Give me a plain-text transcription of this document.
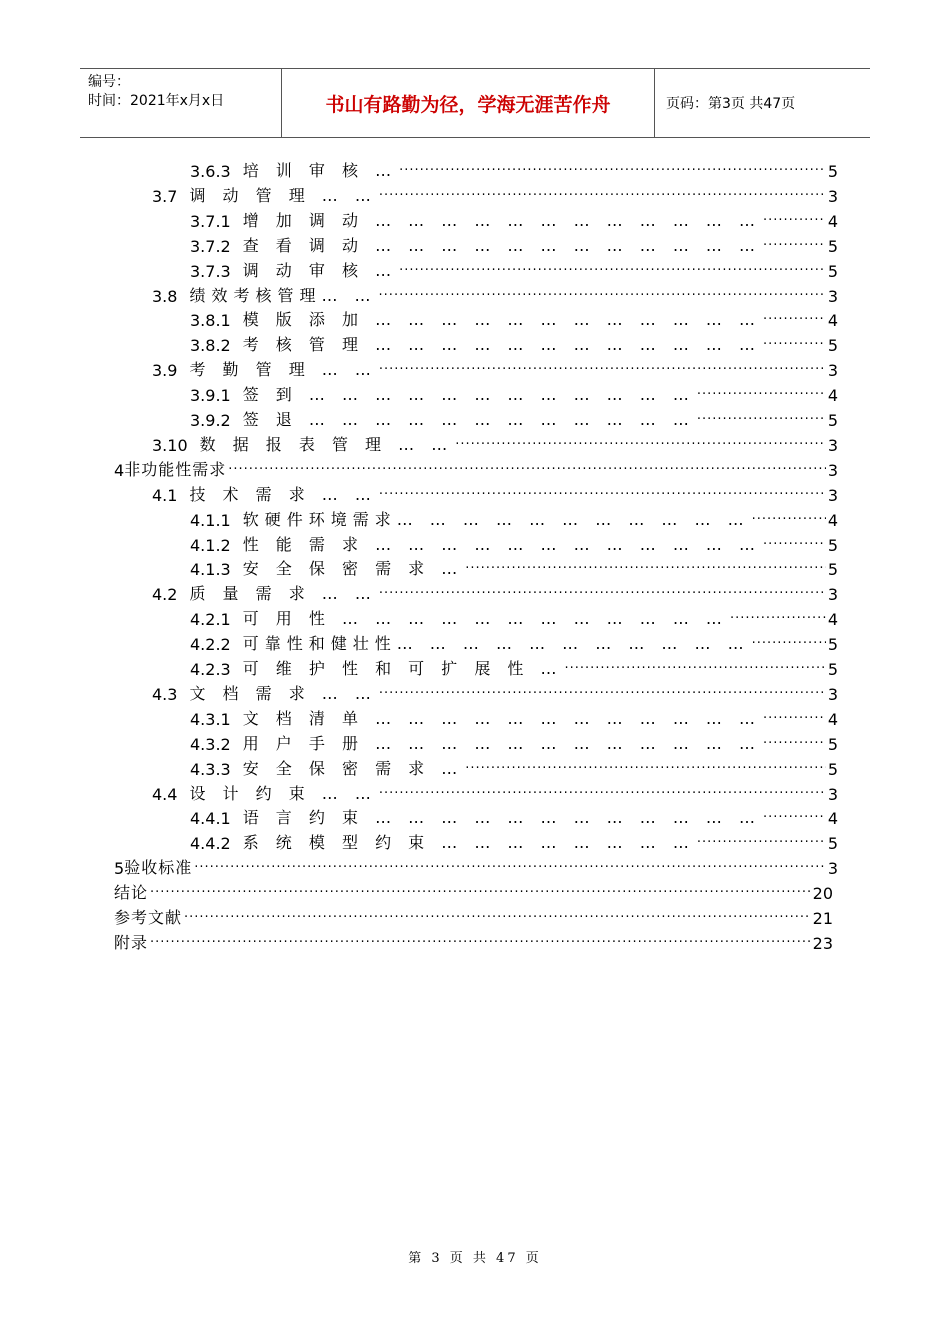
编号：
时间：2021年x月x日	书山有路勤为径，学海无涯苦作舟	页码：第3页 共47页
3.6.3 培 训 审 核 … ·····	5
3.7 调 动 管 理 … … ·····	3
3.7.1 增 加 调 动 … … … … … … … … … … … … ·····	4
3.7.2 查 看 调 动 … … … … … … … … … … … … ·····	5
3.7.3 调 动 审 核 … ·····	5
3.8 绩效考核管理… … ·····	3
3.8.1 模 版 添 加 … … … … … … … … … … … … ·····	4
3.8.2 考 核 管 理 … … … … … … … … … … … … ·····	5
3.9 考 勤 管 理 … … ·····	3
3.9.1 签 到 … … … … … … … … … … … … ·····	4
3.9.2 签 退 … … … … … … … … … … … … ·····	5
3.10 数 据 报 表 管 理 … … ·····	3
4 非功能性需求 ·····	3
4.1 技 术 需 求 … … ·····	3
4.1.1 软硬件环境需求… … … … … … … … … … … ·····	4
4.1.2 性 能 需 求 … … … … … … … … … … … … ·····	5
4.1.3 安 全 保 密 需 求 … ·····	5
4.2 质 量 需 求 … … ·····	3
4.2.1 可 用 性 … … … … … … … … … … … … ·····	4
4.2.2 可靠性和健壮性… … … … … … … … … … … ·····	5
4.2.3 可 维 护 性 和 可 扩 展 性 … ·····	5
4.3 文 档 需 求 … … ·····	3
4.3.1 文 档 清 单 … … … … … … … … … … … … ·····	4
4.3.2 用 户 手 册 … … … … … … … … … … … … ·····	5
4.3.3 安 全 保 密 需 求 … ·····	5
4.4 设 计 约 束 … … ·····	3
4.4.1 语 言 约 束 … … … … … … … … … … … … ·····	4
4.4.2 系 统 模 型 约 束 … … … … … … … … ·····	5
5 验收标准 ·····	3
结论 ·····	20
参考文献 ·····	21
附录 ·····	23
第 3 页 共 47 页
